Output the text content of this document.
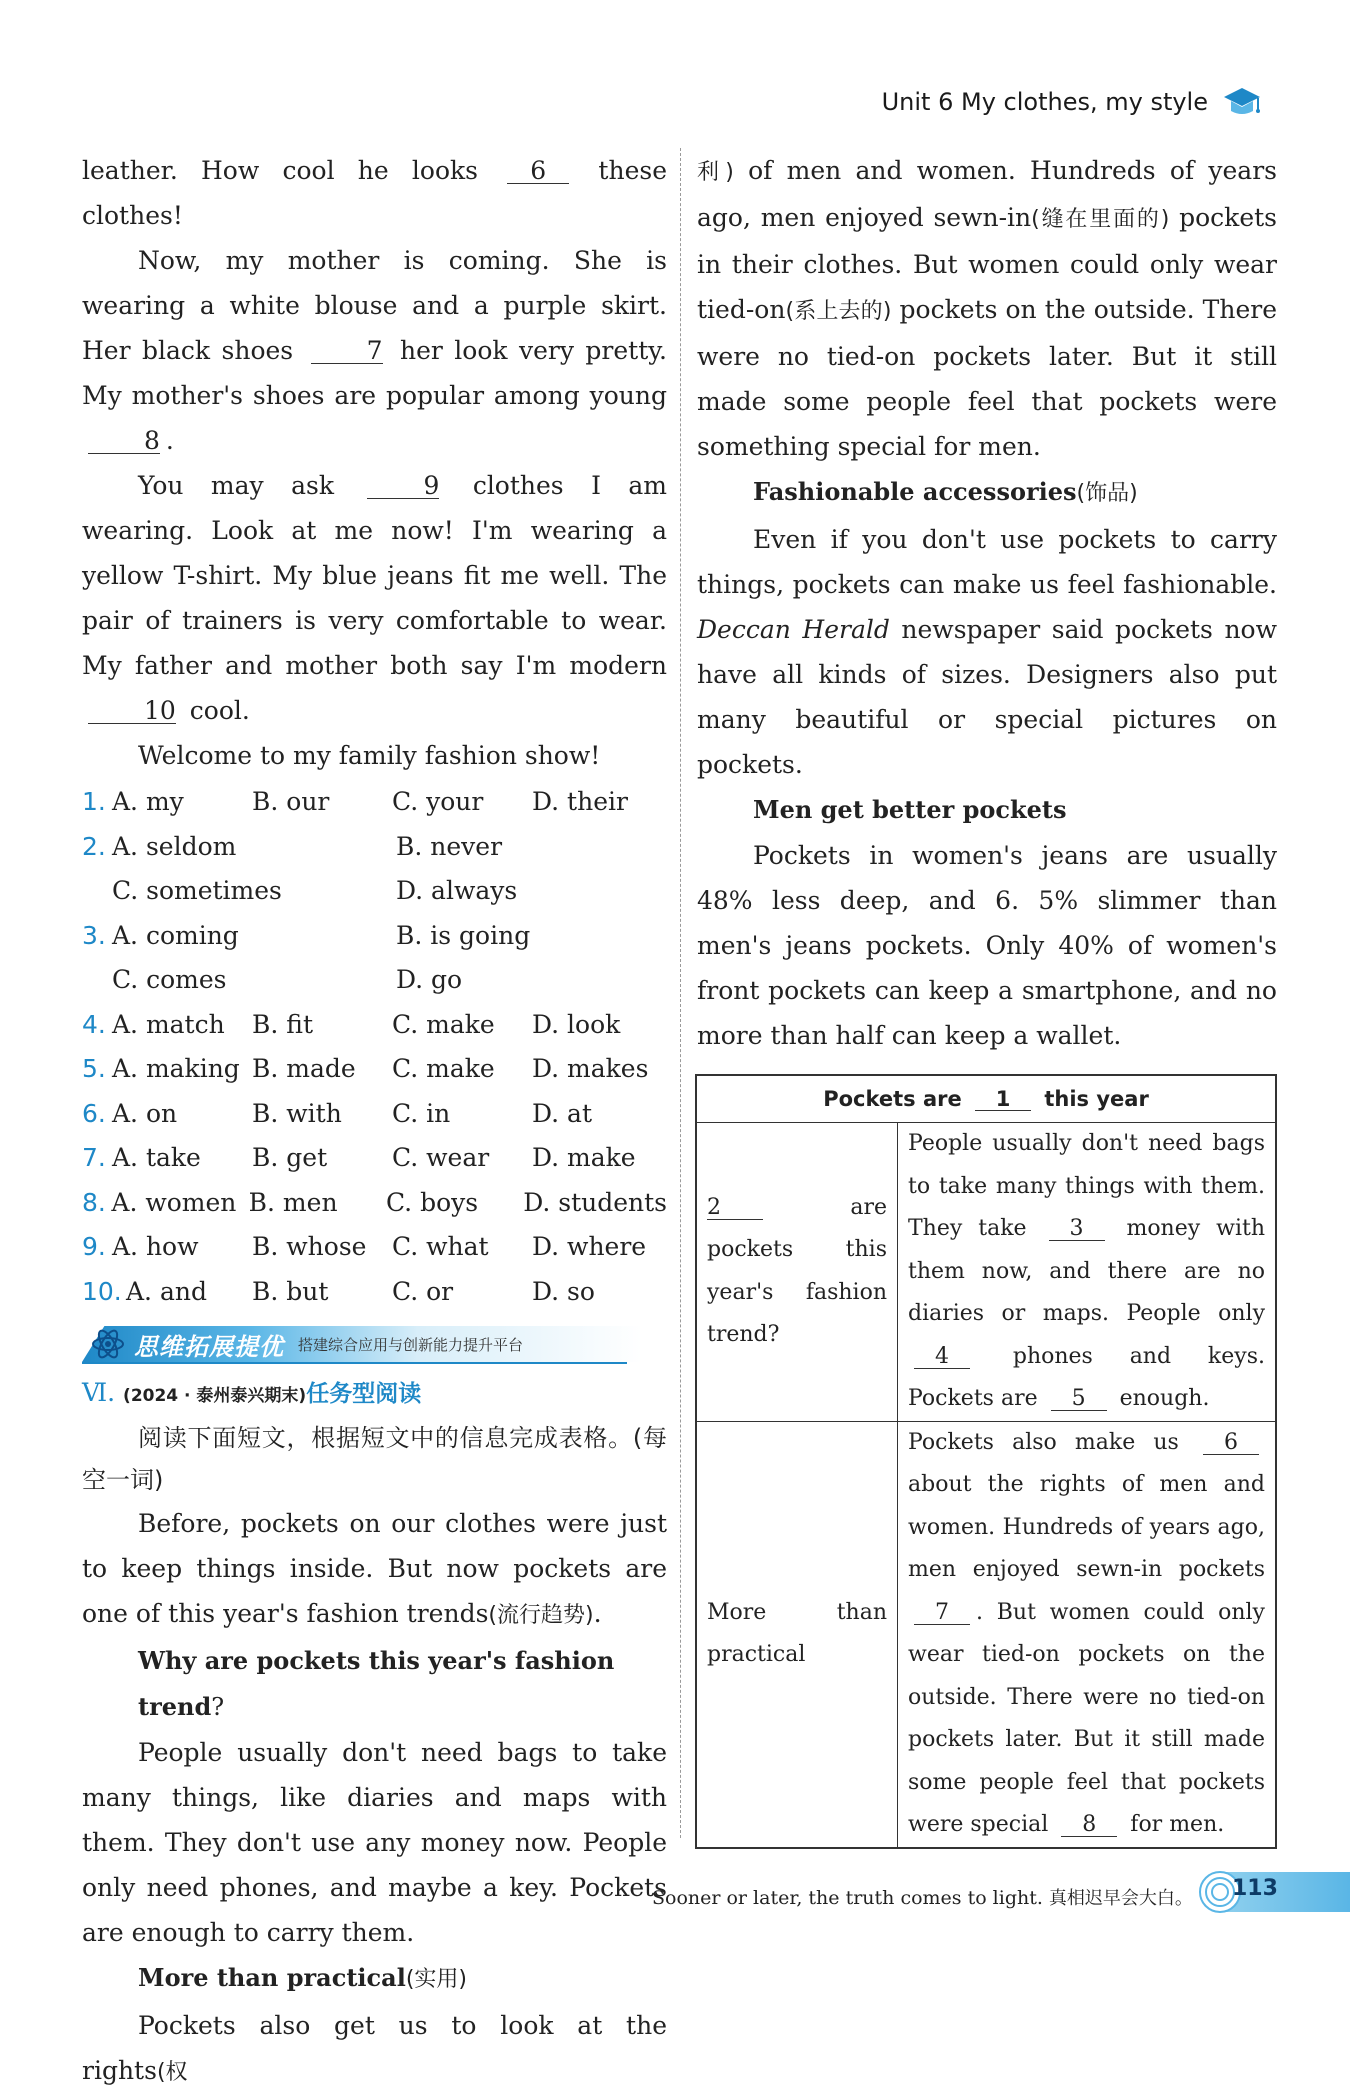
Unit 6 My clothes, my style

leather. How cool he looks 6 these clothes!

Now, my mother is coming. She is wearing a white blouse and a purple skirt. Her black shoes	7 her look very pretty. My mother's shoes are popular among young 8 .

You may ask	9 clothes I am wearing. Look at me now! I'm wearing a yellow T-shirt. My blue jeans fit me well. The pair of trainers is very comfortable to wear. My father and mother both say I'm modern 10 cool.

Welcome to my family fashion show!

1. A. my	B. our	C. your	D. their
2. A. seldom	B. never
C. sometimes	D. always
3. A. coming	B. is going
C. comes	D. go
4. A. match	B. fit	C. make	D. look
5. A. making B. made	C. make	D. makes
6. A. on	B. with	C. in	D. at
7. A. take	B. get	C. wear	D. make
8. A. women B. men	C. boys	D. students
9. A. how	B. whose	C. what	D. where
10. A. and	B. but	C. or	D. so
思维拓展提优 搭建综合应用与创新能力提升平台
Ⅵ. (2024 · 泰州泰兴期末)任务型阅读
阅读下面短文，根据短文中的信息完成表格。(每空一词)

Before, pockets on our clothes were just to keep things inside. But now pockets are one of this year's fashion trends(流行趋势).

Why are pockets this year's fashion trend?

People usually don't need bags to take many things, like diaries and maps with them. They don't use any money now. People only need phones, and maybe a key. Pockets are enough to carry them.

More than practical(实用)

Pockets also get us to look at the rights(权

利) of men and women. Hundreds of years ago, men enjoyed sewn-in(缝在里面的) pockets in their clothes. But women could only wear tied-on(系上去的) pockets on the outside. There were no tied-on pockets later. But it still made some people feel that pockets were something special for men.

Fashionable accessories(饰品)

Even if you don't use pockets to carry things, pockets can make us feel fashionable. Deccan Herald newspaper said pockets now have all kinds of sizes. Designers also put many beautiful or special pictures on pockets.

Men get better pockets

Pockets in women's jeans are usually 48% less deep, and 6. 5% slimmer than men's jeans pockets. Only 40% of women's front pockets can keep a smartphone, and no more than half can keep a wallet.

Pockets are 1 this year	

2 are pockets this year's fashion trend?	People usually don't need bags to take many things with them. They take 3 money with them now, and there are no diaries or maps. People only 4 phones and keys. Pockets are 5 enough.

More than practical	Pockets also make us 6 about the rights of men and women. Hundreds of years ago, men enjoyed sewn-in pockets 7 . But women could only wear tied-on pockets on the outside. There were no tied-on pockets later. But it still made some people feel that pockets were special 8 for men.
Sooner or later, the truth comes to light. 真相迟早会大白。 113
